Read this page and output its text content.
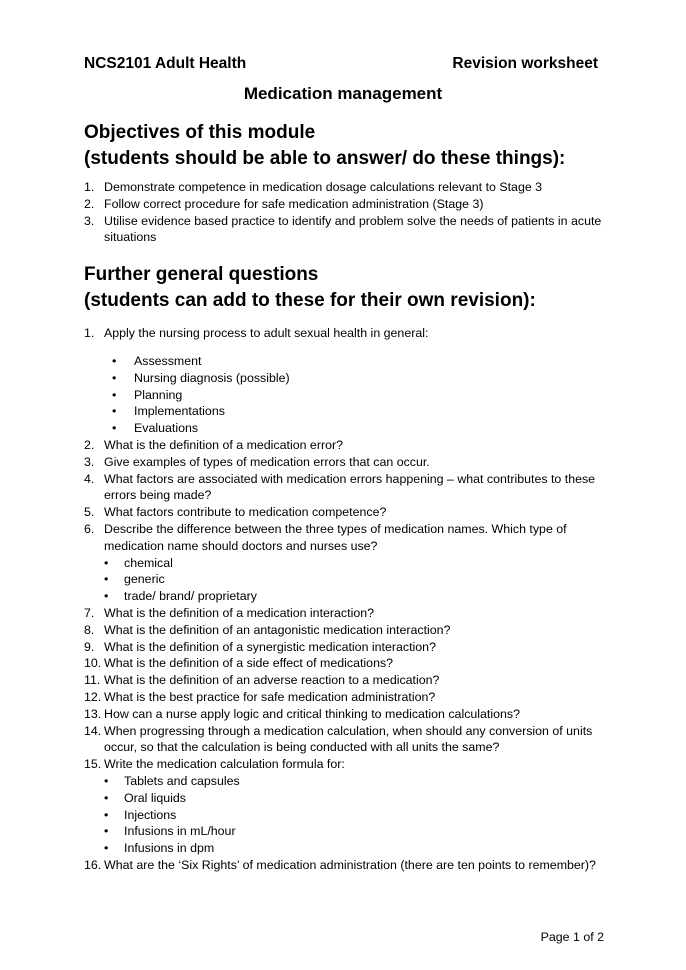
NCS2101 Adult Health	Revision worksheet
Medication management
Objectives of this module
(students should be able to answer/ do these things):
1. Demonstrate competence in medication dosage calculations relevant to Stage 3
2. Follow correct procedure for safe medication administration (Stage 3)
3. Utilise evidence based practice to identify and problem solve the needs of patients in acute situations
Further general questions
(students can add to these for their own revision):
1. Apply the nursing process to adult sexual health in general:
• Assessment
• Nursing diagnosis (possible)
• Planning
• Implementations
• Evaluations
2. What is the definition of a medication error?
3. Give examples of types of medication errors that can occur.
4. What factors are associated with medication errors happening – what contributes to these errors being made?
5. What factors contribute to medication competence?
6. Describe the difference between the three types of medication names. Which type of medication name should doctors and nurses use?
• chemical
• generic
• trade/ brand/ proprietary
7. What is the definition of a medication interaction?
8. What is the definition of an antagonistic medication interaction?
9. What is the definition of a synergistic medication interaction?
10. What is the definition of a side effect of medications?
11. What is the definition of an adverse reaction to a medication?
12. What is the best practice for safe medication administration?
13. How can a nurse apply logic and critical thinking to medication calculations?
14. When progressing through a medication calculation, when should any conversion of units occur, so that the calculation is being conducted with all units the same?
15. Write the medication calculation formula for:
• Tablets and capsules
• Oral liquids
• Injections
• Infusions in mL/hour
• Infusions in dpm
16. What are the ‘Six Rights’ of medication administration (there are ten points to remember)?
Page 1 of 2
